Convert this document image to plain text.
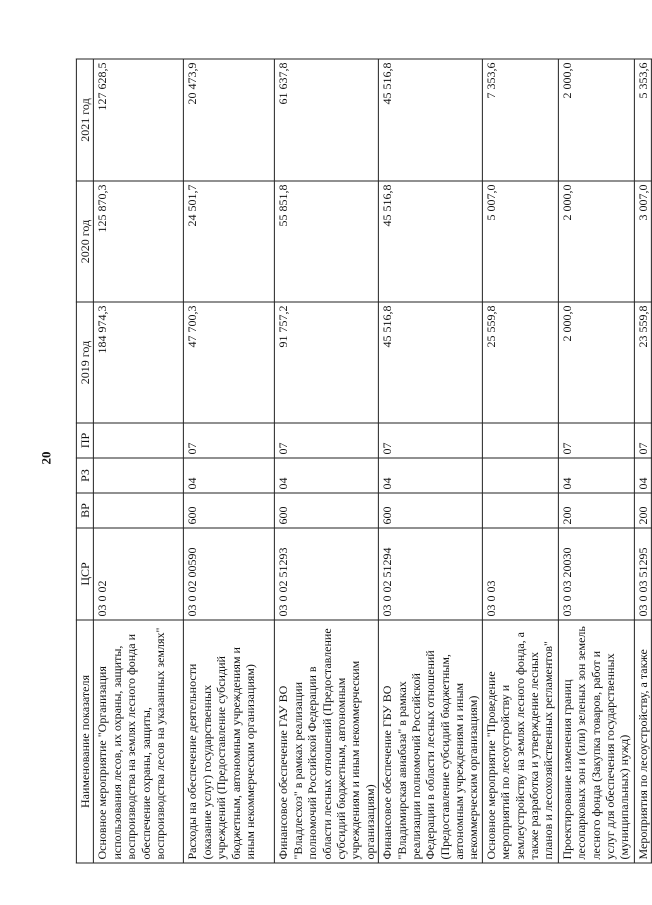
20
Наименование показателя	ЦСР	ВР	РЗ	ПР	2019 год	2020 год	2021 год
Основное мероприятие "Организация использования лесов, их охраны, защиты, воспроизводства на землях лесного фонда и обеспечение охраны, защиты, воспроизводства лесов на указанных землях"	03 0 02				184 974,3	125 870,3	127 628,5
Расходы на обеспечение деятельности (оказание услуг) государственных учреждений (Предоставление субсидий бюджетным, автономным учреждениям и иным некоммерческим организациям)	03 0 02 00590	600	04	07	47 700,3	24 501,7	20 473,9
Финансовое обеспечение ГАУ ВО "Владлесхоз" в рамках реализации полномочий Российской Федерации в области лесных отношений (Предоставление субсидий бюджетным, автономным учреждениям и иным некоммерческим организациям)	03 0 02 51293	600	04	07	91 757,2	55 851,8	61 637,8
Финансовое обеспечение ГБУ ВО "Владимирская авиабаза" в рамках реализации полномочий Российской Федерации в области лесных отношений (Предоставление субсидий бюджетным, автономным учреждениям и иным некоммерческим организациям)	03 0 02 51294	600	04	07	45 516,8	45 516,8	45 516,8
Основное мероприятие "Проведение мероприятий по лесоустройству и землеустройству на землях лесного фонда, а также разработка и утверждение лесных планов и лесохозяйственных регламентов"	03 0 03				25 559,8	5 007,0	7 353,6
Проектирование изменения границ лесопарковых зон и (или) зеленых зон земель лесного фонда (Закупка товаров, работ и услуг для обеспечения государственных (муниципальных) нужд)	03 0 03 20030	200	04	07	2 000,0	2 000,0	2 000,0
Мероприятия по лесоустройству, а также	03 0 03 51295	200	04	07	23 559,8	3 007,0	5 353,6
